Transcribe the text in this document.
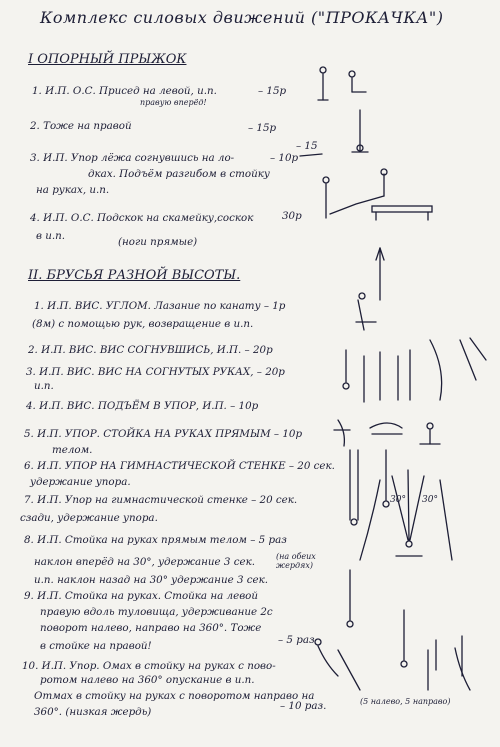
Комплекс силовых движений ("ПРОКАЧКА")
I ОПОРНЫЙ ПРЫЖОК
1. И.П. О.С. Присед на левой, и.п.
правую вперёд!
– 15р
2. Тоже на правой	– 15р
3. И.П. Упор лёжа согнувшись на ло-	– 10р
– 15
дках. Подъём разгибом в стойку
на руках, и.п.
4. И.П. О.С. Подскок на скамейку,соскок	30р
в и.п.	(ноги прямые)
II. БРУСЬЯ РАЗНОЙ ВЫСОТЫ.
1. И.П. ВИС. УГЛОМ. Лазание по канату – 1р
(8м) с помощью рук, возвращение в и.п.
2. И.П. ВИС. ВИС СОГНУВШИСЬ, И.П. – 20р
3. И.П. ВИС. ВИС НА СОГНУТЫХ РУКАХ, – 20р
и.п.
4. И.П. ВИС. ПОДЪЁМ В УПОР, И.П. – 10р
5. И.П. УПОР. СТОЙКА НА РУКАХ ПРЯМЫМ – 10р
телом.
6. И.П. УПОР НА ГИМНАСТИЧЕСКОЙ СТЕНКЕ – 20 сек.
удержание упора.
7. И.П. Упор на гимнастической стенке – 20 сек.
сзади, удержание упора.
8. И.П. Стойка на руках прямым телом – 5 раз
наклон вперёд на 30°, удержание 3 сек.	(на обеих жердях)
и.п. наклон назад на 30° удержание 3 сек.
9. И.П. Стойка на руках. Стойка на левой
правую вдоль туловища, удерживание 2с
поворот налево, направо на 360°. Тоже
– 5 раз
в стойке на правой!
10. И.П. Упор. Омах в стойку на руках с пово-
ротом налево на 360° опускание в и.п.
Отмах в стойку на руках с поворотом направо на
360°. (низкая жердь)	– 10 раз.	(5 налево, 5 направо)
30° 30°
